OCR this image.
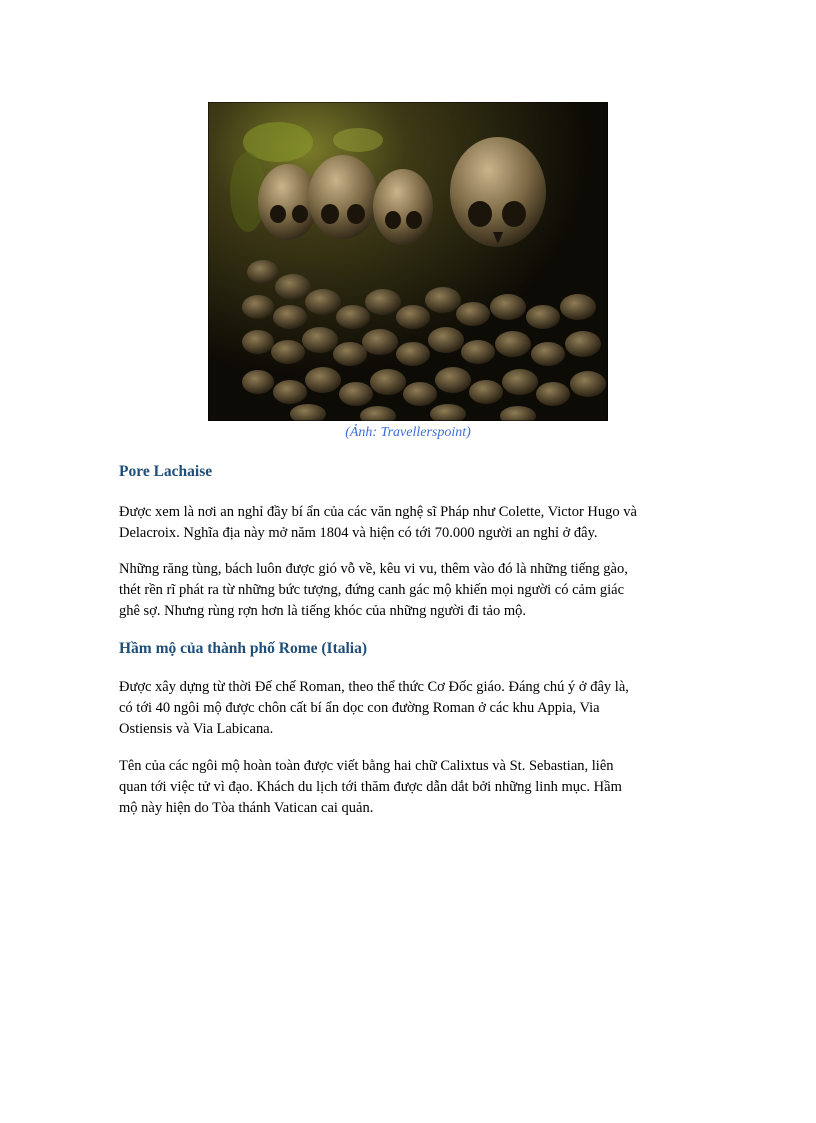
(Ảnh: Travellerspoint)

Pore Lachaise

Được xem là nơi an nghỉ đầy bí ẩn của các văn nghệ sĩ Pháp như Colette, Victor Hugo và
Delacroix. Nghĩa địa này mở năm 1804 và hiện có tới 70.000 người an nghỉ ở đây.

Những răng tùng, bách luôn được gió vỗ về, kêu vi vu, thêm vào đó là những tiếng gào,
thét rền rĩ phát ra từ những bức tượng, đứng canh gác mộ khiến mọi người có cảm giác
ghê sợ. Nhưng rùng rợn hơn là tiếng khóc của những người đi tảo mộ.

Hầm mộ của thành phố Rome (Italia)

Được xây dựng từ thời Đế chế Roman, theo thể thức Cơ Đốc giáo. Đáng chú ý ở đây là,
có tới 40 ngôi mộ được chôn cất bí ẩn dọc con đường Roman ở các khu Appia, Via
Ostiensis và Via Labicana.

Tên của các ngôi mộ hoàn toàn được viết bằng hai chữ Calixtus và St. Sebastian, liên
quan tới việc tử vì đạo. Khách du lịch tới thăm được dẫn dắt bởi những linh mục. Hầm
mộ này hiện do Tòa thánh Vatican cai quản.
